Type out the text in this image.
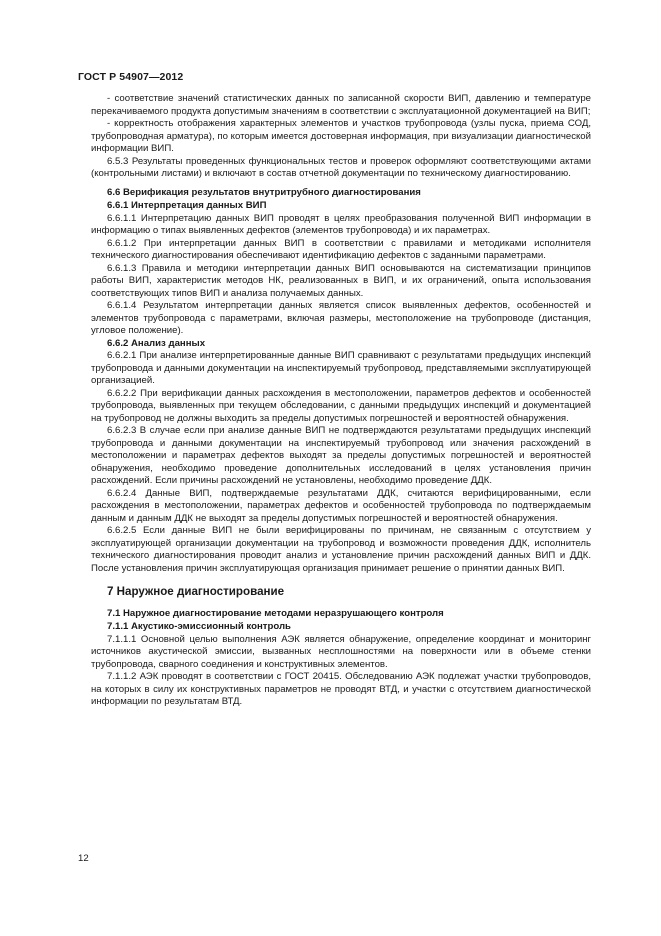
ГОСТ Р 54907—2012

- соответствие значений статистических данных по записанной скорости ВИП, давлению и температуре перекачиваемого продукта допустимым значениям в соответствии с эксплуатационной документацией на ВИП;

- корректность отображения характерных элементов и участков трубопровода (узлы пуска, приема СОД, трубопроводная арматура), по которым имеется достоверная информация, при визуализации диагностической информации ВИП.

6.5.3 Результаты проведенных функциональных тестов и проверок оформляют соответствующими актами (контрольными листами) и включают в состав отчетной документации по техническому диагностированию.

6.6 Верификация результатов внутритрубного диагностирования

6.6.1 Интерпретация данных ВИП

6.6.1.1 Интерпретацию данных ВИП проводят в целях преобразования полученной ВИП информации в информацию о типах выявленных дефектов (элементов трубопровода) и их параметрах.

6.6.1.2 При интерпретации данных ВИП в соответствии с правилами и методиками исполнителя технического диагностирования обеспечивают идентификацию дефектов с заданными параметрами.

6.6.1.3 Правила и методики интерпретации данных ВИП основываются на систематизации принципов работы ВИП, характеристик методов НК, реализованных в ВИП, и их ограничений, опыта использования соответствующих типов ВИП и анализа получаемых данных.

6.6.1.4 Результатом интерпретации данных является список выявленных дефектов, особенностей и элементов трубопровода с параметрами, включая размеры, местоположение на трубопроводе (дистанция, угловое положение).

6.6.2 Анализ данных

6.6.2.1 При анализе интерпретированные данные ВИП сравнивают с результатами предыдущих инспекций трубопровода и данными документации на инспектируемый трубопровод, представляемыми эксплуатирующей организацией.

6.6.2.2 При верификации данных расхождения в местоположении, параметров дефектов и особенностей трубопровода, выявленных при текущем обследовании, с данными предыдущих инспекций и документацией на трубопровод не должны выходить за пределы допустимых погрешностей и вероятностей обнаружения.

6.6.2.3 В случае если при анализе данные ВИП не подтверждаются результатами предыдущих инспекций трубопровода и данными документации на инспектируемый трубопровод или значения расхождений в местоположении и параметрах дефектов выходят за пределы допустимых погрешностей и вероятностей обнаружения, необходимо проведение дополнительных исследований в целях установления причин расхождений. Если причины расхождений не установлены, необходимо проведение ДДК.

6.6.2.4 Данные ВИП, подтверждаемые результатами ДДК, считаются верифицированными, если расхождения в местоположении, параметрах дефектов и особенностей трубопровода по подтверждаемым данным и данным ДДК не выходят за пределы допустимых погрешностей и вероятностей обнаружения.

6.6.2.5 Если данные ВИП не были верифицированы по причинам, не связанным с отсутствием у эксплуатирующей организации документации на трубопровод и возможности проведения ДДК, исполнитель технического диагностирования проводит анализ и установление причин расхождений данных ВИП и ДДК. После установления причин эксплуатирующая организация принимает решение о принятии данных ВИП.

7 Наружное диагностирование

7.1 Наружное диагностирование методами неразрушающего контроля

7.1.1 Акустико-эмиссионный контроль

7.1.1.1 Основной целью выполнения АЭК является обнаружение, определение координат и мониторинг источников акустической эмиссии, вызванных несплошностями на поверхности или в объеме стенки трубопровода, сварного соединения и конструктивных элементов.

7.1.1.2 АЭК проводят в соответствии с ГОСТ 20415. Обследованию АЭК подлежат участки трубопроводов, на которых в силу их конструктивных параметров не проводят ВТД, и участки с отсутствием диагностической информации по результатам ВТД.

12
